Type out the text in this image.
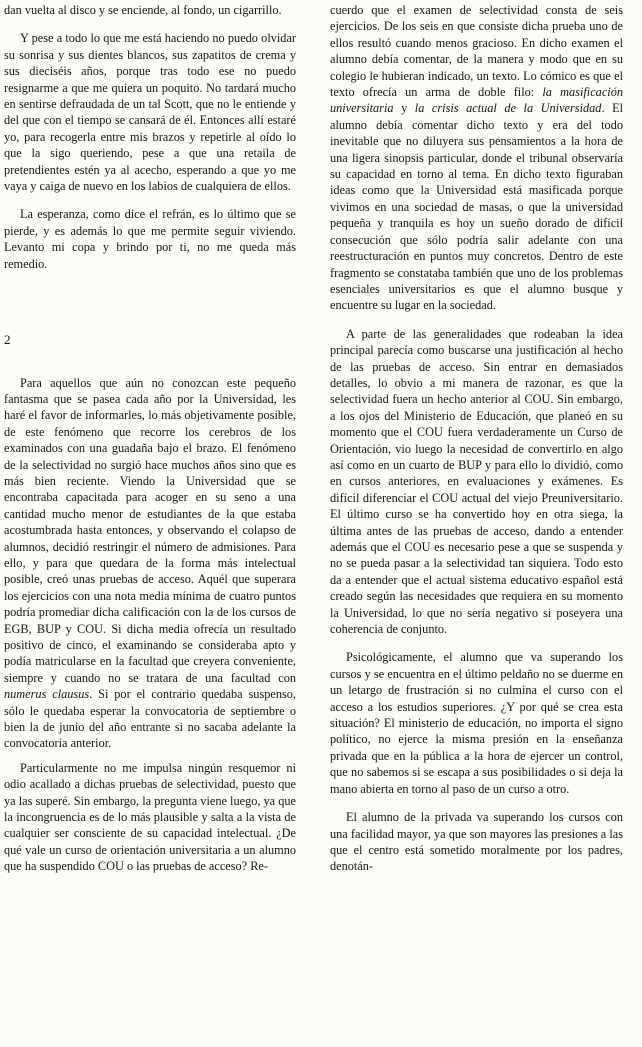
dan vuelta al disco y se enciende, al fondo, un cigarrillo.

Y pese a todo lo que me está haciendo no puedo olvidar su sonrisa y sus dientes blancos, sus zapatitos de crema y sus dieciséis años, porque tras todo ese no puedo resignarme a que me quiera un poquito. No tardará mucho en sentirse defraudada de un tal Scott, que no le entiende y del que con el tiempo se cansará de él. Entonces allí estaré yo, para recogerla entre mis brazos y repetirle al oído lo que la sigo queriendo, pese a que una retaila de pretendientes estén ya al acecho, esperando a que yo me vaya y caiga de nuevo en los labios de cualquiera de ellos.

La esperanza, como dice el refrán, es lo último que se pierde, y es además lo que me permite seguir viviendo. Levanto mi copa y brindo por ti, no me queda más remedio.

2

Para aquellos que aún no conozcan este pequeño fantasma que se pasea cada año por la Universidad, les haré el favor de informarles, lo más objetivamente posible, de este fenómeno que recorre los cerebros de los examinados con una guadaña bajo el brazo. El fenómeno de la selectividad no surgió hace muchos años sino que es más bien reciente. Viendo la Universidad que se encontraba capacitada para acoger en su seno a una cantidad mucho menor de estudiantes de la que estaba acostumbrada hasta entonces, y observando el colapso de alumnos, decidió restringir el número de admisiones. Para ello, y para que quedara de la forma más intelectual posible, creó unas pruebas de acceso. Aquél que superara los ejercicios con una nota media mínima de cuatro puntos podría promediar dicha calificación con la de los cursos de EGB, BUP y COU. Si dicha media ofrecía un resultado positivo de cinco, el examinando se consideraba apto y podía matricularse en la facultad que creyera conveniente, siempre y cuando no se tratara de una facultad con numerus clausus. Si por el contrario quedaba suspenso, sólo le quedaba esperar la convocatoria de septiembre o bien la de junio del año entrante si no sacaba adelante la convocatoria anterior.

Particularmente no me impulsa ningún resquemor ni odio acallado a dichas pruebas de selectividad, puesto que ya las superé. Sin embargo, la pregunta viene luego, ya que la incongruencia es de lo más plausible y salta a la vista de cualquier ser consciente de su capacidad intelectual. ¿De qué vale un curso de orientación universitaria a un alumno que ha suspendido COU o las pruebas de acceso? Re-

cuerdo que el examen de selectividad consta de seis ejercicios. De los seis en que consiste dicha prueba uno de ellos resultó cuando menos gracioso. En dicho examen el alumno debía comentar, de la manera y modo que en su colegio le hubieran indicado, un texto. Lo cómico es que el texto ofrecía un arma de doble filo: la masificación universitaria y la crisis actual de la Universidad. El alumno debía comentar dicho texto y era del todo inevitable que no diluyera sus pensamientos a la hora de una ligera sinopsis particular, donde el tribunal observaría su capacidad en torno al tema. En dicho texto figuraban ideas como que la Universidad está masificada porque vivimos en una sociedad de masas, o que la universidad pequeña y tranquila es hoy un sueño dorado de difícil consecución que sólo podría salir adelante con una reestructuración en puntos muy concretos. Dentro de este fragmento se constataba también que uno de los problemas esenciales universitarios es que el alumno busque y encuentre su lugar en la sociedad.

A parte de las generalidades que rodeaban la idea principal parecía como buscarse una justificación al hecho de las pruebas de acceso. Sin entrar en demasiados detalles, lo obvio a mi manera de razonar, es que la selectividad fuera un hecho anterior al COU. Sin embargo, a los ojos del Ministerio de Educación, que planeó en su momento que el COU fuera verdaderamente un Curso de Orientación, vio luego la necesidad de convertirlo en algo así como en un cuarto de BUP y para ello lo dividió, como en cursos anteriores, en evaluaciones y exámenes. Es difícil diferenciar el COU actual del viejo Preuniversitario. El último curso se ha convertido hoy en otra siega, la última antes de las pruebas de acceso, dando a entender además que el COU es necesario pese a que se suspenda y no se pueda pasar a la selectividad tan siquiera. Todo esto da a entender que el actual sistema educativo español está creado según las necesidades que requiera en su momento la Universidad, lo que no sería negativo si poseyera una coherencia de conjunto.

Psicológicamente, el alumno que va superando los cursos y se encuentra en el último peldaño no se duerme en un letargo de frustración si no culmina el curso con el acceso a los estudios superiores. ¿Y por qué se crea esta situación? El ministerio de educación, no importa el signo político, no ejerce la misma presión en la enseñanza privada que en la pública a la hora de ejercer un control, que no sabemos si se escapa a sus posibilidades o si deja la mano abierta en torno al paso de un curso a otro.

El alumno de la privada va superando los cursos con una facilidad mayor, ya que son mayores las presiones a las que el centro está sometido moralmente por los padres, denotán-
